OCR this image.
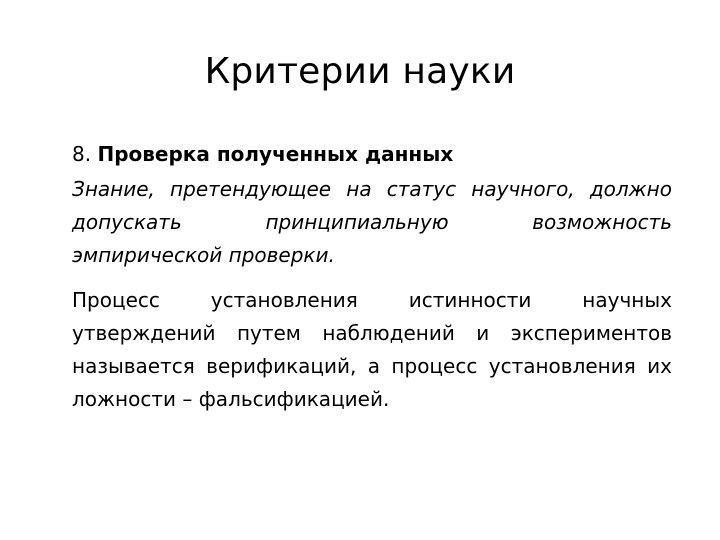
Критерии науки
8. Проверка полученных данных

Знание, претендующее на статус научного, должно допускать принципиальную возможность эмпирической проверки.

Процесс установления истинности научных утверждений путем наблюдений и экспериментов называется верификаций, а процесс установления их ложности – фальсификацией.
